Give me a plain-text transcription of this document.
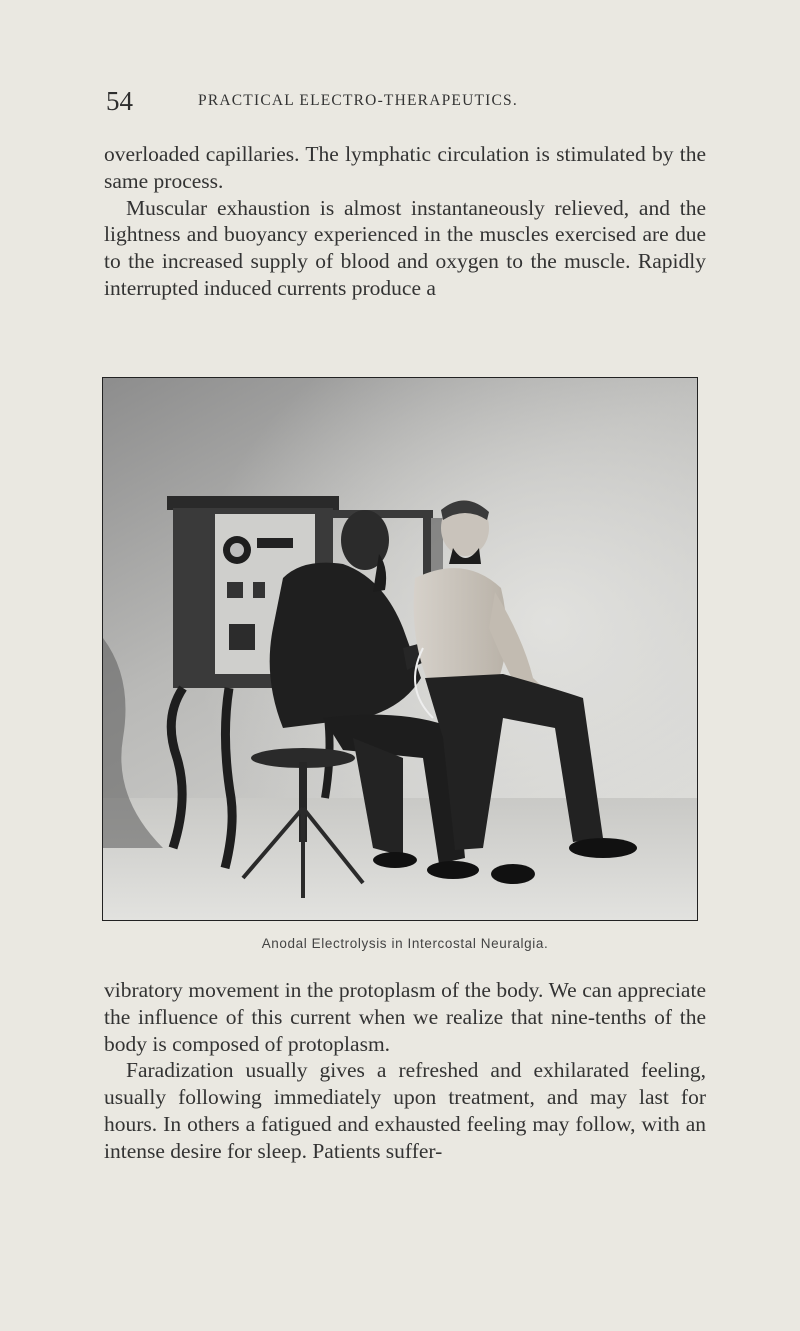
54	PRACTICAL ELECTRO-THERAPEUTICS.

overloaded capillaries. The lymphatic circulation is stimulated by the same process.

Muscular exhaustion is almost instantaneously relieved, and the lightness and buoyancy experienced in the muscles exercised are due to the increased supply of blood and oxygen to the muscle. Rapidly interrupted induced currents produce a

Anodal Electrolysis in Intercostal Neuralgia.

vibratory movement in the protoplasm of the body. We can appreciate the influence of this current when we realize that nine-tenths of the body is composed of protoplasm.

Faradization usually gives a refreshed and exhilarated feeling, usually following immediately upon treatment, and may last for hours. In others a fatigued and exhausted feeling may follow, with an intense desire for sleep. Patients suffer-
